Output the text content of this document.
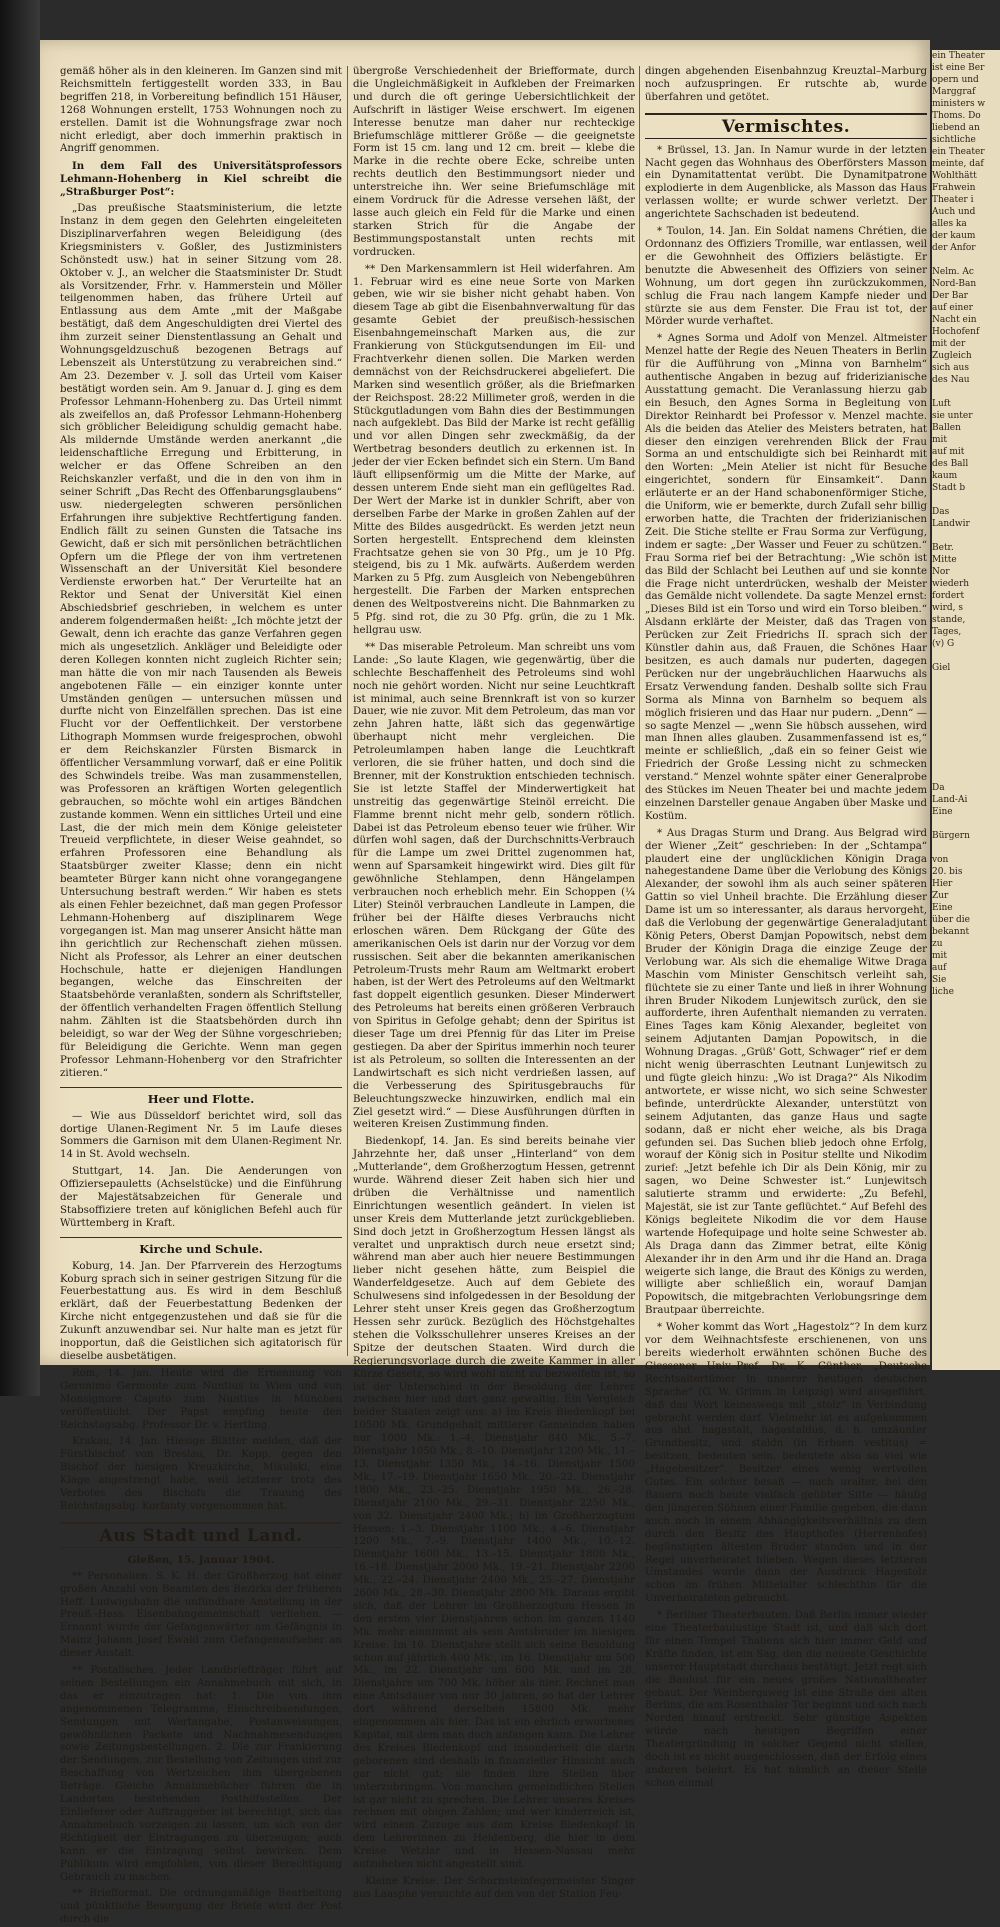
gemäß höher als in den kleineren. Im Ganzen sind mit Reichsmitteln fertiggestellt worden 333, in Bau begriffen 218, in Vorbereitung befindlich 151 Häuser, 1268 Wohnungen erstellt, 1753 Wohnungen noch zu erstellen. Damit ist die Wohnungsfrage zwar noch nicht erledigt, aber doch immerhin praktisch in Angriff genommen.

In dem Fall des Universitätsprofessors Lehmann-Hohenberg in Kiel schreibt die „Straßburger Post“:

„Das preußische Staatsministerium, die letzte Instanz in dem gegen den Gelehrten eingeleiteten Disziplinarverfahren wegen Beleidigung (des Kriegsministers v. Goßler, des Justizministers Schönstedt usw.) hat in seiner Sitzung vom 28. Oktober v. J., an welcher die Staatsminister Dr. Studt als Vorsitzender, Frhr. v. Hammerstein und Möller teilgenommen haben, das frühere Urteil auf Entlassung aus dem Amte „mit der Maßgabe bestätigt, daß dem Angeschuldigten drei Viertel des ihm zurzeit seiner Dienstentlassung an Gehalt und Wohnungsgeldzuschuß bezogenen Betrags auf Lebenszeit als Unterstützung zu verabreichen sind.“ Am 23. Dezember v. J. soll das Urteil vom Kaiser bestätigt worden sein. Am 9. Januar d. J. ging es dem Professor Lehmann-Hohenberg zu. Das Urteil nimmt als zweifellos an, daß Professor Lehmann-Hohenberg sich gröblicher Beleidigung schuldig gemacht habe. Als mildernde Umstände werden anerkannt „die leidenschaftliche Erregung und Erbitterung, in welcher er das Offene Schreiben an den Reichskanzler verfaßt, und die in den von ihm in seiner Schrift „Das Recht des Offenbarungsglaubens“ usw. niedergelegten schweren persönlichen Erfahrungen ihre subjektive Rechtfertigung fanden. Endlich fällt zu seinen Gunsten die Tatsache ins Gewicht, daß er sich mit persönlichen beträchtlichen Opfern um die Pflege der von ihm vertretenen Wissenschaft an der Universität Kiel besondere Verdienste erworben hat.“ Der Verurteilte hat an Rektor und Senat der Universität Kiel einen Abschiedsbrief geschrieben, in welchem es unter anderem folgendermaßen heißt: „Ich möchte jetzt der Gewalt, denn ich erachte das ganze Verfahren gegen mich als ungesetzlich. Ankläger und Beleidigte oder deren Kollegen konnten nicht zugleich Richter sein; man hätte die von mir nach Tausenden als Beweis angebotenen Fälle — ein einziger konnte unter Umständen genügen — untersuchen müssen und durfte nicht von Einzelfällen sprechen. Das ist eine Flucht vor der Oeffentlichkeit. Der verstorbene Lithograph Mommsen wurde freigesprochen, obwohl er dem Reichskanzler Fürsten Bismarck in öffentlicher Versammlung vorwarf, daß er eine Politik des Schwindels treibe. Was man zusammenstellen, was Professoren an kräftigen Worten gelegentlich gebrauchen, so möchte wohl ein artiges Bändchen zustande kommen. Wenn ein sittliches Urteil und eine Last, die der mich mein dem Könige geleisteter Treueid verpflichtete, in dieser Weise geahndet, so erfahren Professoren eine Behandlung als Staatsbürger zweiter Klasse; denn ein nicht beamteter Bürger kann nicht ohne vorangegangene Untersuchung bestraft werden.“ Wir haben es stets als einen Fehler bezeichnet, daß man gegen Professor Lehmann-Hohenberg auf disziplinarem Wege vorgegangen ist. Man mag unserer Ansicht hätte man ihn gerichtlich zur Rechenschaft ziehen müssen. Nicht als Professor, als Lehrer an einer deutschen Hochschule, hatte er diejenigen Handlungen begangen, welche das Einschreiten der Staatsbehörde veranlaßten, sondern als Schriftsteller, der öffentlich verhandelten Fragen öffentlich Stellung nahm. Zählten ist die Staatsbehörden durch ihn beleidigt, so war der Weg der Sühne vorgeschrieben; für Beleidigung die Gerichte. Wenn man gegen Professor Lehmann-Hohenberg vor den Strafrichter zitieren.“

Heer und Flotte.

— Wie aus Düsseldorf berichtet wird, soll das dortige Ulanen-Regiment Nr. 5 im Laufe dieses Sommers die Garnison mit dem Ulanen-Regiment Nr. 14 in St. Avold wechseln.

Stuttgart, 14. Jan. Die Aenderungen von Offiziersepauletts (Achselstücke) und die Einführung der Majestätsabzeichen für Generale und Stabsoffiziere treten auf königlichen Befehl auch für Württemberg in Kraft.

Kirche und Schule.

Koburg, 14. Jan. Der Pfarrverein des Herzogtums Koburg sprach sich in seiner gestrigen Sitzung für die Feuerbestattung aus. Es wird in dem Beschluß erklärt, daß der Feuerbestattung Bedenken der Kirche nicht entgegenzustehen und daß sie für die Zukunft anzuwendbar sei. Nur halte man es jetzt für inopportun, daß die Geistlichen sich agitatorisch für dieselbe ausbetätigen.

Rom, 14. Jan. Heute wird die Ernennung von Geronimo Germonte zum Nuntius in Wien und von Monsignore Caputo zum Nuntius in München veröffentlicht. Der Papst empfing heute den Reichstagsabg. Professor Dr. v. Hertling.

Krakau, 14. Jan. Hiesige Blätter melden, daß der Fürstbischof von Breslau, Dr. Kopp, gegen den Bischof der hiesigen Kreuzkirche, Mikulski, eine Klage angestrengt habe, weil letzterer trotz des Verbotes des Bischofs die Trauung des Reichstagsabg. Korfanty vorgenommen hat.

Aus Stadt und Land.
Gießen, 15. Januar 1904.

** Personalien. S. K. H. der Großherzog hat einer großen Anzahl von Beamten des Bezirks der früheren Heff. Ludwigsbahn die unfündbare Anstellung in der Preuß.-Hess. Eisenbahngemeinschaft verliehen. — Ernannt wurde der Gefangenwärter am Gefängnis in Mainz Johann Josef Ewald zum Gefangenaufseher an dieser Anstalt.

** Postalisches. Jeder Landbriefträger führt auf seinen Bestellungen ein Annahmebuch mit sich, in das er einzutragen hat: 1. Die von ihm angenommenen Telegramme, Einschreibsendungen, Sendungen mit Wertangabe, Postanweisungen, gewöhnlichen Packete und Nachnahmesendungen sowie Zeitungsbestellungen. 2. Die zur Frankierung der Sendungen, zur Bestellung von Zeitungen und zur Beschaffung von Wertzeichen ihm übergebenen Beträge. Gleiche Annahmebücher führen die in Landorten bestehenden Posthilfsstellen. Der Einlieferer oder Auftraggeber ist berechtigt, sich das Annahmebuch vorzeigen zu lassen, um sich von der Richtigkeit der Eintragungen zu überzeugen; auch kann er die Eintragung selbst bewirken. Dem Publikum wird empfohlen, von dieser Berechtigung Gebrauch zu machen.

** Briefformat. Die ordnungsmäßige Bearbeitung und pünktliche Besorgung der Briefe wird der Post durch die

übergroße Verschiedenheit der Briefformate, durch die Ungleichmäßigkeit in Aufkleben der Freimarken und durch die oft geringe Uebersichtlichkeit der Aufschrift in lästiger Weise erschwert. Im eigenen Interesse benutze man daher nur rechteckige Briefumschläge mittlerer Größe — die geeignetste Form ist 15 cm. lang und 12 cm. breit — klebe die Marke in die rechte obere Ecke, schreibe unten rechts deutlich den Bestimmungsort nieder und unterstreiche ihn. Wer seine Briefumschläge mit einem Vordruck für die Adresse versehen läßt, der lasse auch gleich ein Feld für die Marke und einen starken Strich für die Angabe der Bestimmungspostanstalt unten rechts mit vordrucken.

** Den Markensammlern ist Heil widerfahren. Am 1. Februar wird es eine neue Sorte von Marken geben, wie wir sie bisher nicht gehabt haben. Von diesem Tage ab gibt die Eisenbahnverwaltung für das gesamte Gebiet der preußisch-hessischen Eisenbahngemeinschaft Marken aus, die zur Frankierung von Stückgutsendungen im Eil- und Frachtverkehr dienen sollen. Die Marken werden demnächst von der Reichsdruckerei abgeliefert. Die Marken sind wesentlich größer, als die Briefmarken der Reichspost. 28:22 Millimeter groß, werden in die Stückgutladungen vom Bahn dies der Bestimmungen nach aufgeklebt. Das Bild der Marke ist recht gefällig und vor allen Dingen sehr zweckmäßig, da der Wertbetrag besonders deutlich zu erkennen ist. In jeder der vier Ecken befindet sich ein Stern. Um Band läuft ellipsenförmig um die Mitte der Marke, auf dessen unterem Ende sieht man ein geflügeltes Rad. Der Wert der Marke ist in dunkler Schrift, aber von derselben Farbe der Marke in großen Zahlen auf der Mitte des Bildes ausgedrückt. Es werden jetzt neun Sorten hergestellt. Entsprechend dem kleinsten Frachtsatze gehen sie von 30 Pfg., um je 10 Pfg. steigend, bis zu 1 Mk. aufwärts. Außerdem werden Marken zu 5 Pfg. zum Ausgleich von Nebengebühren hergestellt. Die Farben der Marken entsprechen denen des Weltpostvereins nicht. Die Bahnmarken zu 5 Pfg. sind rot, die zu 30 Pfg. grün, die zu 1 Mk. hellgrau usw.

** Das miserable Petroleum. Man schreibt uns vom Lande: „So laute Klagen, wie gegenwärtig, über die schlechte Beschaffenheit des Petroleums sind wohl noch nie gehört worden. Nicht nur seine Leuchtkraft ist minimal, auch seine Brennkraft ist von so kurzer Dauer, wie nie zuvor. Mit dem Petroleum, das man vor zehn Jahren hatte, läßt sich das gegenwärtige überhaupt nicht mehr vergleichen. Die Petroleumlampen haben lange die Leuchtkraft verloren, die sie früher hatten, und doch sind die Brenner, mit der Konstruktion entschieden technisch. Sie ist letzte Staffel der Minderwertigkeit hat unstreitig das gegenwärtige Steinöl erreicht. Die Flamme brennt nicht mehr gelb, sondern rötlich. Dabei ist das Petroleum ebenso teuer wie früher. Wir dürfen wohl sagen, daß der Durchschnitts-Verbrauch für die Lampe um zwei Drittel zugenommen hat, wenn auf Sparsamkeit hingewirkt wird. Dies gilt für gewöhnliche Stehlampen, denn Hängelampen verbrauchen noch erheblich mehr. Ein Schoppen (¼ Liter) Steinöl verbrauchen Landleute in Lampen, die früher bei der Hälfte dieses Verbrauchs nicht erloschen wären. Dem Rückgang der Güte des amerikanischen Oels ist darin nur der Vorzug vor dem russischen. Seit aber die bekannten amerikanischen Petroleum-Trusts mehr Raum am Weltmarkt erobert haben, ist der Wert des Petroleums auf den Weltmarkt fast doppelt eigentlich gesunken. Dieser Minderwert des Petroleums hat bereits einen größeren Verbrauch von Spiritus in Gefolge gehabt; denn der Spiritus ist dieser Tage um drei Pfennig für das Liter im Preise gestiegen. Da aber der Spiritus immerhin noch teurer ist als Petroleum, so sollten die Interessenten an der Landwirtschaft es sich nicht verdrießen lassen, auf die Verbesserung des Spiritusgebrauchs für Beleuchtungszwecke hinzuwirken, endlich mal ein Ziel gesetzt wird.“ — Diese Ausführungen dürften in weiteren Kreisen Zustimmung finden.

Biedenkopf, 14. Jan. Es sind bereits beinahe vier Jahrzehnte her, daß unser „Hinterland“ von dem „Mutterlande“, dem Großherzogtum Hessen, getrennt wurde. Während dieser Zeit haben sich hier und drüben die Verhältnisse und namentlich Einrichtungen wesentlich geändert. In vielen ist unser Kreis dem Mutterlande jetzt zurückgeblieben. Sind doch jetzt in Großherzogtum Hessen längst als veraltet und unpraktisch durch neue ersetzt sind; während man aber auch hier neuere Bestimmungen lieber nicht gesehen hätte, zum Beispiel die Wanderfeldgesetze. Auch auf dem Gebiete des Schulwesens sind infolgedessen in der Besoldung der Lehrer steht unser Kreis gegen das Großherzogtum Hessen sehr zurück. Bezüglich des Höchstgehaltes stehen die Volksschullehrer unseres Kreises an der Spitze der deutschen Staaten. Wird durch die Regierungsvorlage durch die zweite Kammer in aller Kürze Gesetz, so wird wohl nicht zu bezweifeln ist, so ist der Unterschied in der Besoldung der Lehrer zwischen hier und dort ganz gewaltig. Ein Vergleich beider Staaten zeigt uns: a) Im Kreis Biedenkopf bei 10500 Mk. Grundgehalt mittlerer Gemeinden haben nur 1000 Mk.: 1.–4. Dienstjahr 840 Mk., 5.–7. Dienstjahr 1050 Mk., 8.–10. Dienstjahr 1200 Mk., 11.–13. Dienstjahr 1350 Mk., 14.–16. Dienstjahr 1500 Mk., 17.–19. Dienstjahr 1650 Mk., 20.–22. Dienstjahr 1800 Mk., 23.–25. Dienstjahr 1950 Mk., 26.–28. Dienstjahr 2100 Mk., 29.–31. Dienstjahr 2250 Mk., von 32. Dienstjahr 2400 Mk.; b) im Großherzogtum Hessen: 1.–3. Dienstjahr 1100 Mk., 4.–6. Dienstjahr 1200 Mk., 7.–9. Dienstjahr 1400 Mk., 10.–12. Dienstjahr 1600 Mk., 13.–15. Dienstjahr 1800 Mk., 16.–18. Dienstjahr 2000 Mk., 19.–21. Dienstjahr 2200 Mk., 22.–24. Dienstjahr 2400 Mk., 25.–27. Dienstjahr 2600 Mk., 28.–30. Dienstjahr 2800 Mk. Daraus ergibt sich, daß der Lehrer im Großherzogtum Hessen in den ersten vier Dienstjahren schon im ganzen 1140 Mk. mehr einnimmt als sein Amtsbruder im hiesigen Kreise. Im 10. Dienstjahre stellt sich seine Besoldung schon auf jährlich 400 Mk., im 16. Dienstjahr um 500 Mk., im 22. Dienstjahr um 600 Mk. und im 28. Dienstjahre um 700 Mk. höher als hier. Rechnet man eine Amtsdauer von nur 30 Jahren, so hat der Lehrer dort während derselben 15800 Mk. mehr eingenommen als hier. Das ist ein ehrlich erworbenes Kapital, mit dem man doch anfangen kann. Die Lehrer des Kreises Biedenkopf und insonderheit die darin geborenen sind deshalb in finanzieller Hinsicht auch gar nicht gut; sie finden ihre Stellen über unterzubringen. Von manchen gemeindlichen Stellen ist gar nicht zu sprechen. Die Lehrer unseres Kreises rechnen mit obigen Zahlen; und wer kinderreich ist, wird einem Zuzuge aus dem Kreise Biedenkopf in dem Lehrerinnen zu Heidenberg, die hier in dem Kreise Wetzlar und in Hessen-Nassau mehr aufzuheben nicht angestellt sind.

Kleine Kreise. Der Schornsteinfegermeister Singer aus Laasphe versuchte auf den von der Station Feu-

dingen abgehenden Eisenbahnzug Kreuztal–Marburg noch aufzuspringen. Er rutschte ab, wurde überfahren und getötet.

Vermischtes.

* Brüssel, 13. Jan. In Namur wurde in der letzten Nacht gegen das Wohnhaus des Oberförsters Masson ein Dynamitattentat verübt. Die Dynamitpatrone explodierte in dem Augenblicke, als Masson das Haus verlassen wollte; er wurde schwer verletzt. Der angerichtete Sachschaden ist bedeutend.

* Toulon, 14. Jan. Ein Soldat namens Chrétien, die Ordonnanz des Offiziers Tromille, war entlassen, weil er die Gewohnheit des Offiziers belästigte. Er benutzte die Abwesenheit des Offiziers von seiner Wohnung, um dort gegen ihn zurückzukommen, schlug die Frau nach langem Kampfe nieder und stürzte sie aus dem Fenster. Die Frau ist tot, der Mörder wurde verhaftet.

* Agnes Sorma und Adolf von Menzel. Altmeister Menzel hatte der Regie des Neuen Theaters in Berlin für die Aufführung von „Minna von Barnhelm“ authentische Angaben in bezug auf friderizianische Ausstattung gemacht. Die Veranlassung hierzu gab ein Besuch, den Agnes Sorma in Begleitung von Direktor Reinhardt bei Professor v. Menzel machte. Als die beiden das Atelier des Meisters betraten, hat dieser den einzigen verehrenden Blick der Frau Sorma an und entschuldigte sich bei Reinhardt mit den Worten: „Mein Atelier ist nicht für Besuche eingerichtet, sondern für Einsamkeit“. Dann erläuterte er an der Hand schabonenförmiger Stiche, die Uniform, wie er bemerkte, durch Zufall sehr billig erworben hatte, die Trachten der friderizianischen Zeit. Die Stiche stellte er Frau Sorma zur Verfügung, indem er sagte: „Der Wasser und Feuer zu schützen.“ Frau Sorma rief bei der Betrachtung: „Wie schön ist das Bild der Schlacht bei Leuthen auf und sie konnte die Frage nicht unterdrücken, weshalb der Meister das Gemälde nicht vollendete. Da sagte Menzel ernst: „Dieses Bild ist ein Torso und wird ein Torso bleiben.“ Alsdann erklärte der Meister, daß das Tragen von Perücken zur Zeit Friedrichs II. sprach sich der Künstler dahin aus, daß Frauen, die Schönes Haar besitzen, es auch damals nur puderten, dagegen Perücken nur der ungebräuchlichen Haarwuchs als Ersatz Verwendung fanden. Deshalb sollte sich Frau Sorma als Minna von Barnhelm so bequem als möglich frisieren und das Haar nur pudern. „Denn“ — so sagte Menzel — „wenn Sie hübsch aussehen, wird man Ihnen alles glauben. Zusammenfassend ist es,“ meinte er schließlich, „daß ein so feiner Geist wie Friedrich der Große Lessing nicht zu schmecken verstand.“ Menzel wohnte später einer Generalprobe des Stückes im Neuen Theater bei und machte jedem einzelnen Darsteller genaue Angaben über Maske und Kostüm.

* Aus Dragas Sturm und Drang. Aus Belgrad wird der Wiener „Zeit“ geschrieben: In der „Schtampa“ plaudert eine der unglücklichen Königin Draga nahegestandene Dame über die Verlobung des Königs Alexander, der sowohl ihm als auch seiner späteren Gattin so viel Unheil brachte. Die Erzählung dieser Dame ist um so interessanter, als daraus hervorgeht, daß die Verlobung der gegenwärtige Generaladjutant König Peters, Oberst Damjan Popowitsch, nebst dem Bruder der Königin Draga die einzige Zeuge der Verlobung war. Als sich die ehemalige Witwe Draga Maschin vom Minister Genschitsch verleiht sah, flüchtete sie zu einer Tante und ließ in ihrer Wohnung ihren Bruder Nikodem Lunjewitsch zurück, den sie aufforderte, ihren Aufenthalt niemanden zu verraten. Eines Tages kam König Alexander, begleitet von seinem Adjutanten Damjan Popowitsch, in die Wohnung Dragas. „Grüß' Gott, Schwager“ rief er dem nicht wenig überraschten Leutnant Lunjewitsch zu und fügte gleich hinzu: „Wo ist Draga?“ Als Nikodim antwortete, er wisse nicht, wo sich seine Schwester befinde, unterdrückte Alexander, unterstützt von seinem Adjutanten, das ganze Haus und sagte sodann, daß er nicht eher weiche, als bis Draga gefunden sei. Das Suchen blieb jedoch ohne Erfolg, worauf der König sich in Positur stellte und Nikodim zurief: „Jetzt befehle ich Dir als Dein König, mir zu sagen, wo Deine Schwester ist.“ Lunjewitsch salutierte stramm und erwiderte: „Zu Befehl, Majestät, sie ist zur Tante geflüchtet.“ Auf Befehl des Königs begleitete Nikodim die vor dem Hause wartende Hofequipage und holte seine Schwester ab. Als Draga dann das Zimmer betrat, eilte König Alexander ihr in den Arm und ihr die Hand an. Draga weigerte sich lange, die Braut des Königs zu werden, willigte aber schließlich ein, worauf Damjan Popowitsch, die mitgebrachten Verlobungsringe dem Brautpaar überreichte.

* Woher kommt das Wort „Hagestolz“? In dem kurz vor dem Weihnachtsfeste erschienenen, von uns bereits wiederholt erwähnten schönen Buche des Giessener Univ.-Prof. Dr. K. Günther, „Deutsche Rechtsaltertümer in unserer heutigen deutschen Sprache“ (G. W. Grimm in Leipzig) wird ausgeführt, daß das Wort keineswegs mit „stolz“ in Verbindung gebracht werden darf. Vielmehr ist es aufgekommen aus ahd. hagastalt, hagastaldus, d. h. umzäunter Grundbesitz, und staldn (in Erbsen vestitus) = besitzen, bedeuten sein, bedeutete also so viel wie „Hagebesitzer“. Besitzer eines wenig wertvollen Gutes. Ein solcher besaß — nach uralter, bei den Bauern noch heute vielfach geübter Sitte — häufig den jüngeren Söhnen einer Familie gegeben, die dann auch noch in einem Abhängigkeitsverhältnis zu dem durch den Besitz des Haupthofes (Herrenhofes) begünstigten ältesten Bruder standen und in der Regel unverheiratet blieben. Wegen dieses letzteren Umstandes wurde dann der Ausdruck Hagestolz schon im frühen Mittelalter schlechthin für die Unverheirateten gebraucht.

* Berliner Theaterbauten. Daß Berlin immer wieder eine Theaterbaulustige Stadt ist, und daß sich dort für einen Tempel Thaliens sich hier immer Geld und Kräfte finden, ist ein Sag, den die neueste Geschichte unserer Hauptstadt durchaus bestätigt. Jetzt regt sich die Baulust für ein neues großes Nationaltheater gebaut. Der Weinbergsweg ist eine Straße des alten Berlins, die am Rosenthaler Tor beginnt und sich nach Norden hinauf erstreckt. Sehr günstige Aspekten würde nach heutigen Begriffen einer Theatergründung in solcher Gegend nicht stellen, doch ist es nicht ausgeschlossen, daß der Erfolg eines anderen belehrt. Es hat nämlich an dieser Stelle schon einmal

ein Theater
ist eine Ber
opern und
Marggraf
ministers w
Thoms. Do
liebend an
sichtliche
ein Theater
meinte, daf
Wohlthätt
Frahwein
Theater i
Auch und
alles ka
der kaum
der Anfor

Nelm. Ac
Nord-Ban
Der Bar
auf einer
Nacht ein
Hochofenf
mit der
Zugleich
sich aus
des Nau

Luft
sie unter
Ballen
mit
auf mit
des Ball
kaum
Stadt b

Das
Landwir

Betr.
Mitte
Nor
wiederh
fordert
wird, s
stande,
Tages,
(v) G

Giel

Da
Land-Ai
Eine

Bürgern

von
20. bis
Hier
Zur
Eine
über die
bekannt
zu
mit
auf
Sie
liche
